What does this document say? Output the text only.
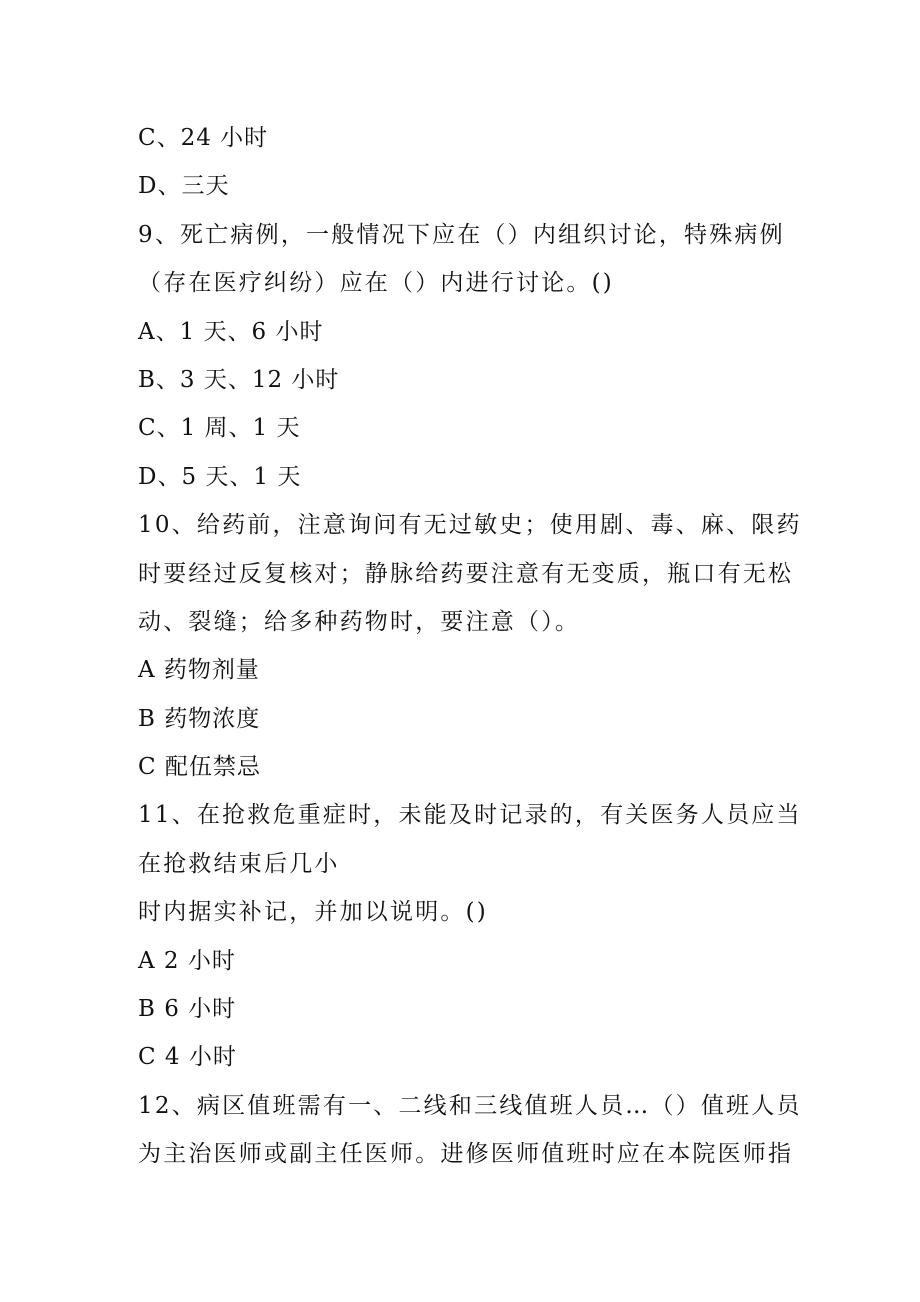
C、24 小时
D、三天
9、死亡病例，一般情况下应在（）内组织讨论，特殊病例
（存在医疗纠纷）应在（）内进行讨论。()
A、1 天、6 小时
B、3 天、12 小时
C、1 周、1 天
D、5 天、1 天
10、给药前，注意询问有无过敏史；使用剧、毒、麻、限药
时要经过反复核对；静脉给药要注意有无变质，瓶口有无松
动、裂缝；给多种药物时，要注意（）。
A 药物剂量
B 药物浓度
C 配伍禁忌
11、在抢救危重症时，未能及时记录的，有关医务人员应当
在抢救结束后几小
时内据实补记，并加以说明。()
A 2 小时
B 6 小时
C 4 小时
12、病区值班需有一、二线和三线值班人员…（）值班人员
为主治医师或副主任医师。进修医师值班时应在本院医师指
